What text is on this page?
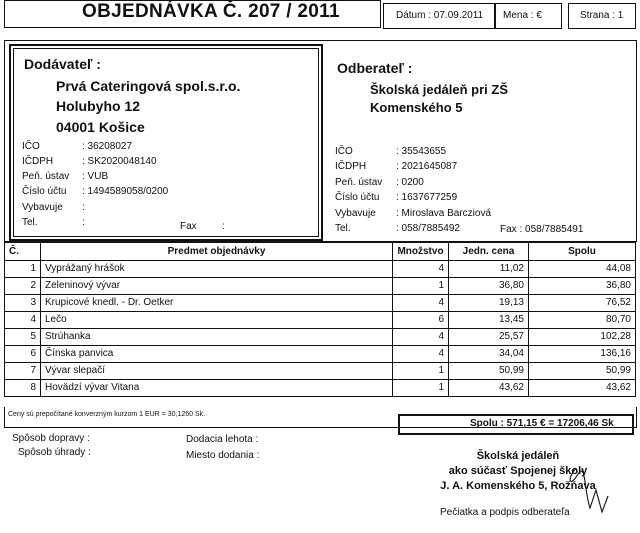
OBJEDNÁVKA Č. 207 / 2011	Dátum : 07.09.2011 Mena : €	Strana : 1
Dodávateľ :
Prvá Cateringová spol.s.r.o.
Holubyho 12
04001 Košice
IČO	: 36208027
IČDPH	: SK2020048140
Peň. ústav : VUB
Číslo účtu : 1494589058/0200
Vybavuje :
Tel.	:	Fax	:
Odberateľ :
Školská jedáleň pri ZŠ
Komenského 5
IČO	: 35543655
IČDPH	: 2021645087
Peň. ústav : 0200
Číslo účtu : 1637677259
Vybavuje : Miroslava Barcziová
Tel.	: 058/7885492	Fax : 058/7885491
Č.	Predmet objednávky	Množstvo	Jedn. cena	Spolu
1	Vyprážaný hrášok	4	11,02	44,08
2	Zeleninový vývar	1	36,80	36,80
3	Krupicové knedl. - Dr. Oetker	4	19,13	76,52
4	Lečo	6	13,45	80,70
5	Strúhanka	4	25,57	102,28
6	Čínska panvica	4	34,04	136,16
7	Vývar slepačí	1	50,99	50,99
8	Hovädzí vývar Vitana	1	43,62	43,62
Ceny sú prepočítané konverzným kurzom 1 EUR = 30,1260 Sk.
Spolu : 571,15 € = 17206,46 Sk
Spôsob dopravy :
Spôsob úhrady :
Dodacia lehota :
Miesto dodania :	Školská jedáleň
ako súčasť Spojenej školy
J. A. Komenského 5, Rožňava
Pečiatka a podpis odberateľa
